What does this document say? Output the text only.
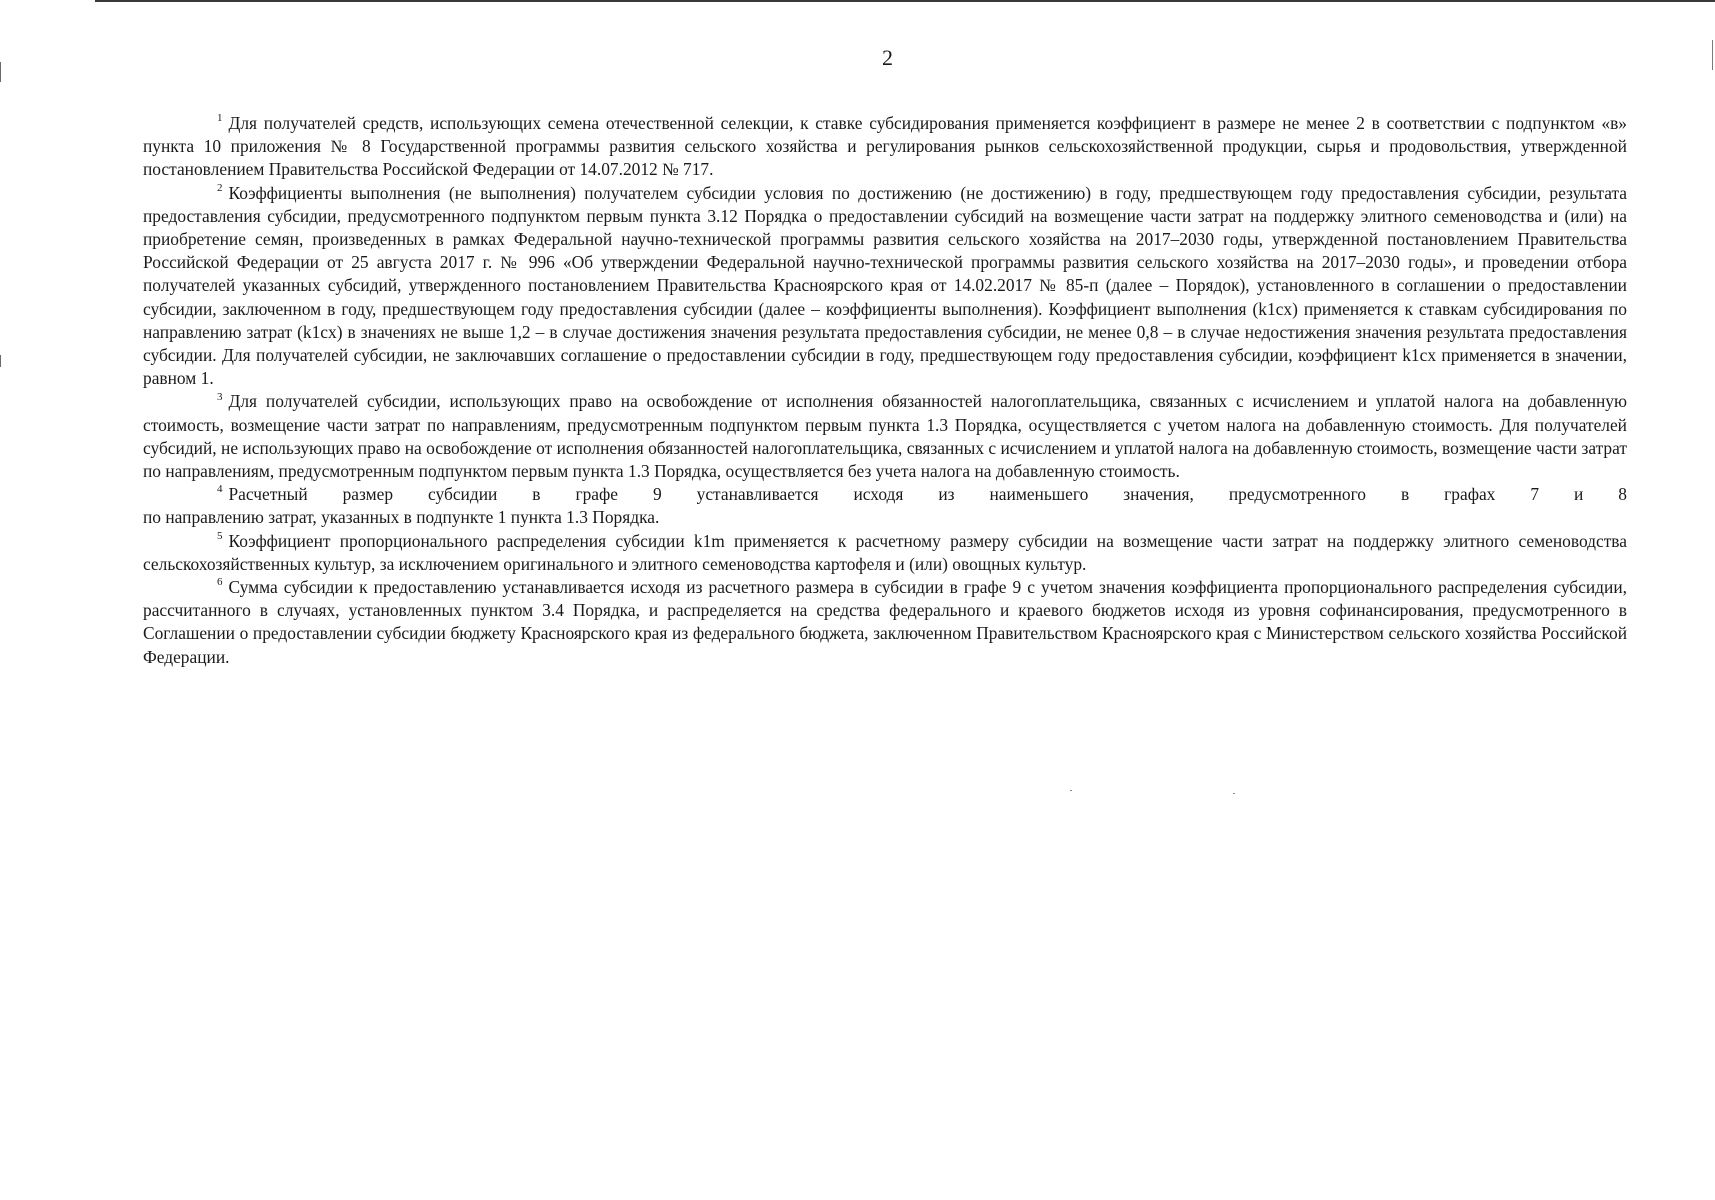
2

$^1$ Для получателей средств, использующих семена отечественной селекции, к ставке субсидирования применяется коэффициент в размере не менее 2 в соответствии с подпунктом «в» пункта 10 приложения № 8 Государственной программы развития сельского хозяйства и регулирования рынков сельскохозяйственной продукции, сырья и продовольствия, утвержденной постановлением Правительства Российской Федерации от 14.07.2012 № 717.

$^2$ Коэффициенты выполнения (не выполнения) получателем субсидии условия по достижению (не достижению) в году, предшествующем году предоставления субсидии, результата предоставления субсидии, предусмотренного подпунктом первым пункта 3.12 Порядка о предоставлении субсидий на возмещение части затрат на поддержку элитного семеноводства и (или) на приобретение семян, произведенных в рамках Федеральной научно-технической программы развития сельского хозяйства на 2017–2030 годы, утвержденной постановлением Правительства Российской Федерации от 25 августа 2017 г. № 996 «Об утверждении Федеральной научно-технической программы развития сельского хозяйства на 2017–2030 годы», и проведении отбора получателей указанных субсидий, утвержденного постановлением Правительства Красноярского края от 14.02.2017 № 85-п (далее – Порядок), установленного в соглашении о предоставлении субсидии, заключенном в году, предшествующем году предоставления субсидии (далее – коэффициенты выполнения). Коэффициент выполнения (k1cx) применяется к ставкам субсидирования по направлению затрат (k1cx) в значениях не выше 1,2 – в случае достижения значения результата предоставления субсидии, не менее 0,8 – в случае недостижения значения результата предоставления субсидии. Для получателей субсидии, не заключавших соглашение о предоставлении субсидии в году, предшествующем году предоставления субсидии, коэффициент k1cx применяется в значении, равном 1.

$^3$ Для получателей субсидии, использующих право на освобождение от исполнения обязанностей налогоплательщика, связанных с исчислением и уплатой налога на добавленную стоимость, возмещение части затрат по направлениям, предусмотренным подпунктом первым пункта 1.3 Порядка, осуществляется с учетом налога на добавленную стоимость. Для получателей субсидий, не использующих право на освобождение от исполнения обязанностей налогоплательщика, связанных с исчислением и уплатой налога на добавленную стоимость, возмещение части затрат по направлениям, предусмотренным подпунктом первым пункта 1.3 Порядка, осуществляется без учета налога на добавленную стоимость.

$^4$ Расчетный размер субсидии в графе 9 устанавливается исходя из наименьшего значения, предусмотренного в графах 7 и 8
по направлению затрат, указанных в подпункте 1 пункта 1.3 Порядка.

$^5$ Коэффициент пропорционального распределения субсидии k1m применяется к расчетному размеру субсидии на возмещение части затрат на поддержку элитного семеноводства сельскохозяйственных культур, за исключением оригинального и элитного семеноводства картофеля и (или) овощных культур.

$^6$ Сумма субсидии к предоставлению устанавливается исходя из расчетного размера в субсидии в графе 9 с учетом значения коэффициента пропорционального распределения субсидии, рассчитанного в случаях, установленных пунктом 3.4 Порядка, и распределяется на средства федерального и краевого бюджетов исходя из уровня софинансирования, предусмотренного в Соглашении о предоставлении субсидии бюджету Красноярского края из федерального бюджета, заключенном Правительством Красноярского края с Министерством сельского хозяйства Российской Федерации.
